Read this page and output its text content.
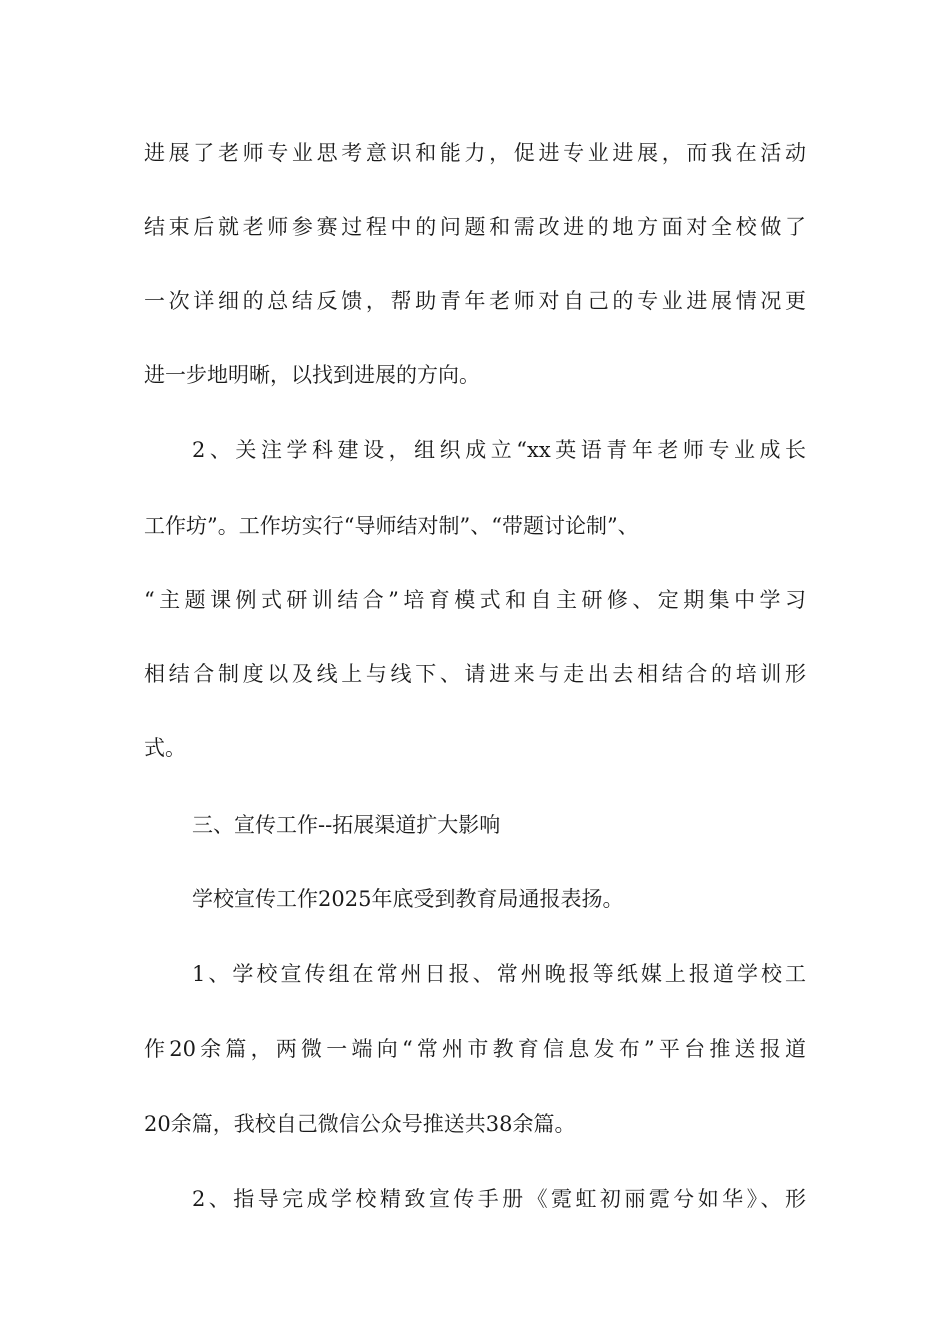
进展了老师专业思考意识和能力，促进专业进展，而我在活动
结束后就老师参赛过程中的问题和需改进的地方面对全校做了
一次详细的总结反馈，帮助青年老师对自己的专业进展情况更
进一步地明晰，以找到进展的方向。
2、关注学科建设，组织成立“xx英语青年老师专业成长
工作坊”。工作坊实行“导师结对制”、“带题讨论制”、
“主题课例式研训结合”培育模式和自主研修、定期集中学习
相结合制度以及线上与线下、请进来与走出去相结合的培训形
式。
三、宣传工作--拓展渠道扩大影响
学校宣传工作2025年底受到教育局通报表扬。
1、学校宣传组在常州日报、常州晚报等纸媒上报道学校工
作20余篇，两微一端向“常州市教育信息发布”平台推送报道
20余篇，我校自己微信公众号推送共38余篇。
2、指导完成学校精致宣传手册《霓虹初丽霓兮如华》、形
